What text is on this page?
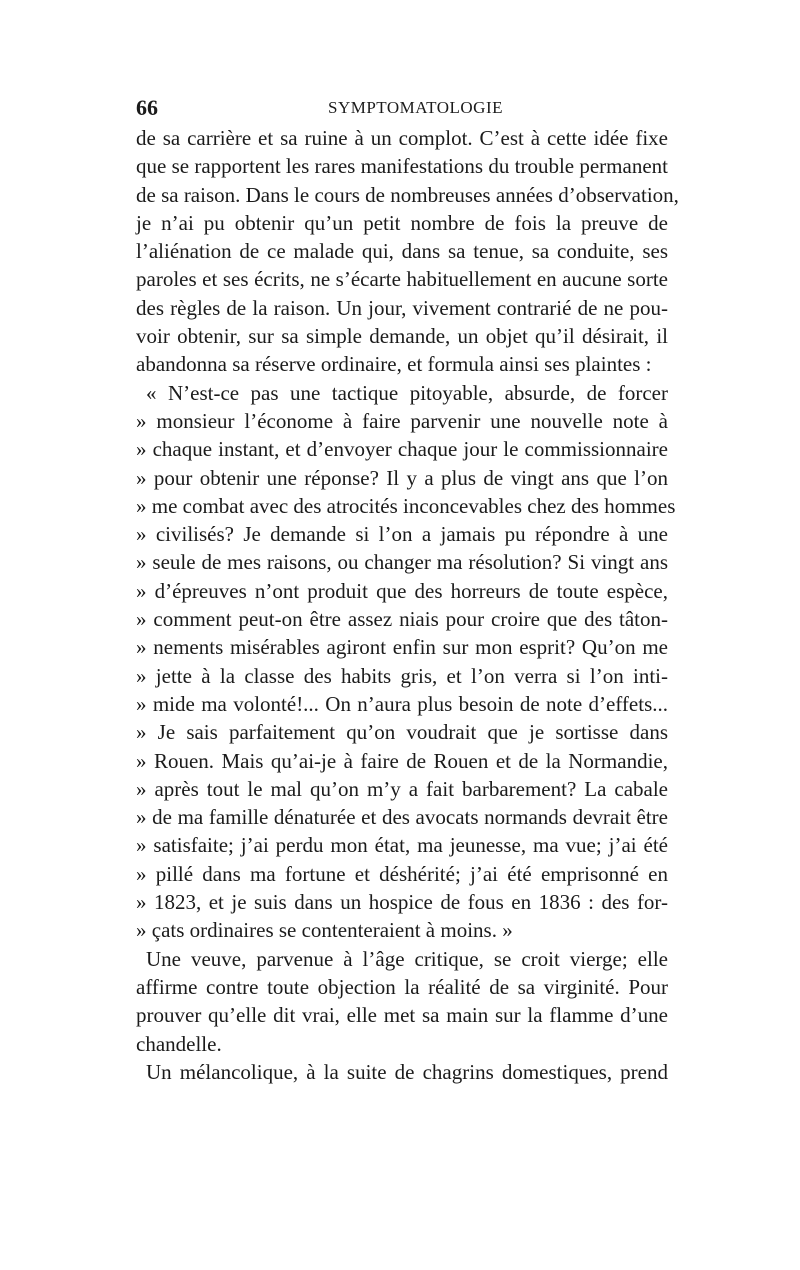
66	SYMPTOMATOLOGIE
de sa carrière et sa ruine à un complot. C’est à cette idée fixe
que se rapportent les rares manifestations du trouble permanent
de sa raison. Dans le cours de nombreuses années d’observation,
je n’ai pu obtenir qu’un petit nombre de fois la preuve de
l’aliénation de ce malade qui, dans sa tenue, sa conduite, ses
paroles et ses écrits, ne s’écarte habituellement en aucune sorte
des règles de la raison. Un jour, vivement contrarié de ne pou-
voir obtenir, sur sa simple demande, un objet qu’il désirait, il
abandonna sa réserve ordinaire, et formula ainsi ses plaintes :
« N’est-ce pas une tactique pitoyable, absurde, de forcer
» monsieur l’économe à faire parvenir une nouvelle note à
» chaque instant, et d’envoyer chaque jour le commissionnaire
» pour obtenir une réponse? Il y a plus de vingt ans que l’on
» me combat avec des atrocités inconcevables chez des hommes
» civilisés? Je demande si l’on a jamais pu répondre à une
» seule de mes raisons, ou changer ma résolution? Si vingt ans
» d’épreuves n’ont produit que des horreurs de toute espèce,
» comment peut-on être assez niais pour croire que des tâton-
» nements misérables agiront enfin sur mon esprit? Qu’on me
» jette à la classe des habits gris, et l’on verra si l’on inti-
» mide ma volonté!... On n’aura plus besoin de note d’effets...
» Je sais parfaitement qu’on voudrait que je sortisse dans
» Rouen. Mais qu’ai-je à faire de Rouen et de la Normandie,
» après tout le mal qu’on m’y a fait barbarement? La cabale
» de ma famille dénaturée et des avocats normands devrait être
» satisfaite; j’ai perdu mon état, ma jeunesse, ma vue; j’ai été
» pillé dans ma fortune et déshérité; j’ai été emprisonné en
» 1823, et je suis dans un hospice de fous en 1836 : des for-
» çats ordinaires se contenteraient à moins. »
Une veuve, parvenue à l’âge critique, se croit vierge; elle
affirme contre toute objection la réalité de sa virginité. Pour
prouver qu’elle dit vrai, elle met sa main sur la flamme d’une
chandelle.
Un mélancolique, à la suite de chagrins domestiques, prend
